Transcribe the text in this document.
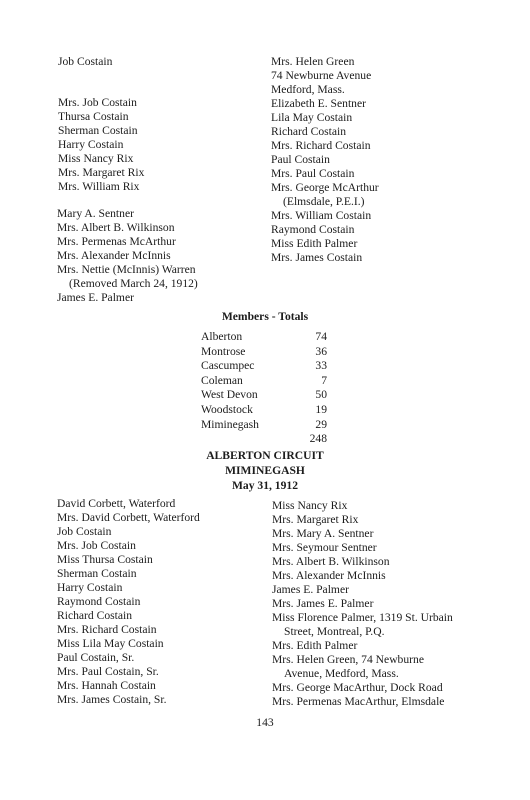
Job Costain
Mrs. Job Costain
Thursa Costain
Sherman Costain
Harry Costain
Miss Nancy Rix
Mrs. Margaret Rix
Mrs. William Rix
Mary A. Sentner
Mrs. Albert B. Wilkinson
Mrs. Permenas McArthur
Mrs. Alexander McInnis
Mrs. Nettie (McInnis) Warren
(Removed March 24, 1912)
James E. Palmer
Mrs. Helen Green
74 Newburne Avenue
Medford, Mass.
Elizabeth E. Sentner
Lila May Costain
Richard Costain
Mrs. Richard Costain
Paul Costain
Mrs. Paul Costain
Mrs. George McArthur
(Elmsdale, P.E.I.)
Mrs. William Costain
Raymond Costain
Miss Edith Palmer
Mrs. James Costain
Members - Totals
Alberton	74
Montrose	36
Cascumpec	33
Coleman	7
West Devon	50
Woodstock	19
Miminegash	29
	248
ALBERTON CIRCUIT
MIMINEGASH
May 31, 1912
David Corbett, Waterford
Mrs. David Corbett, Waterford
Job Costain
Mrs. Job Costain
Miss Thursa Costain
Sherman Costain
Harry Costain
Raymond Costain
Richard Costain
Mrs. Richard Costain
Miss Lila May Costain
Paul Costain, Sr.
Mrs. Paul Costain, Sr.
Mrs. Hannah Costain
Mrs. James Costain, Sr.
Miss Nancy Rix
Mrs. Margaret Rix
Mrs. Mary A. Sentner
Mrs. Seymour Sentner
Mrs. Albert B. Wilkinson
Mrs. Alexander McInnis
James E. Palmer
Mrs. James E. Palmer
Miss Florence Palmer, 1319 St. Urbain
Street, Montreal, P.Q.
Mrs. Edith Palmer
Mrs. Helen Green, 74 Newburne
Avenue, Medford, Mass.
Mrs. George MacArthur, Dock Road
Mrs. Permenas MacArthur, Elmsdale
143
